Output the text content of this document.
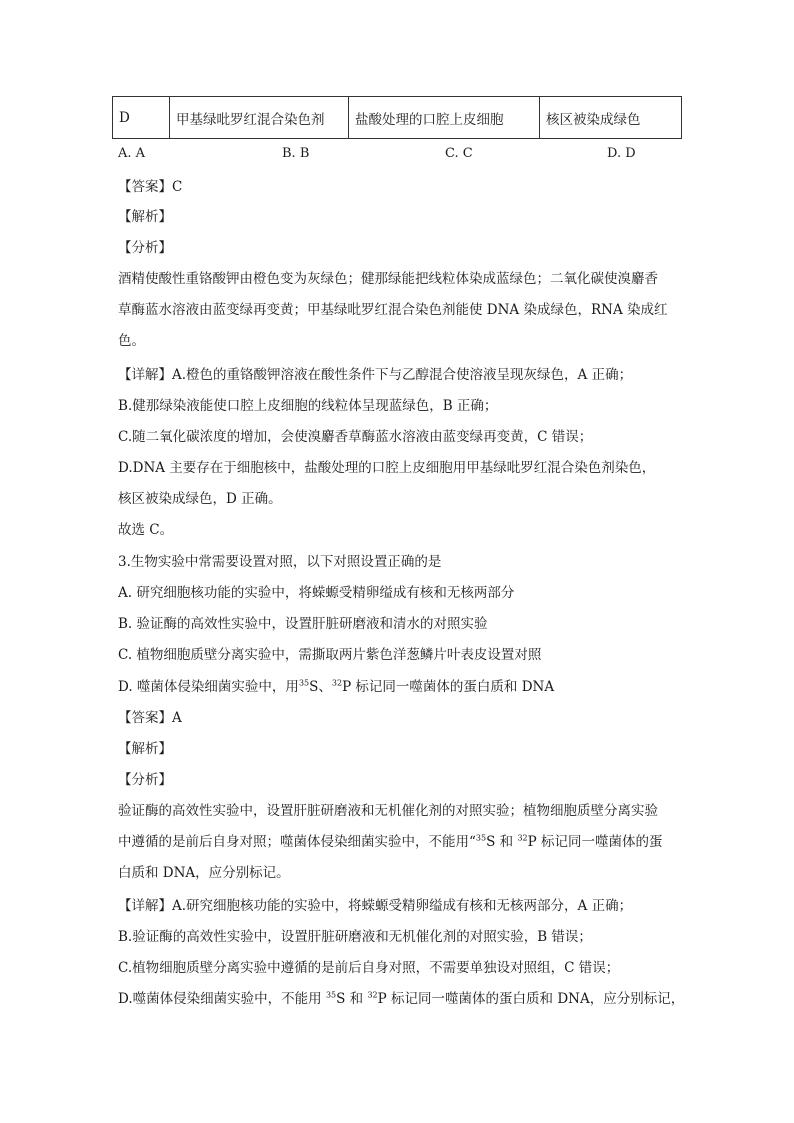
D	甲基绿吡罗红混合染色剂	盐酸处理的口腔上皮细胞	核区被染成绿色
A. A	B. B	C. C	D. D
【答案】C
【解析】
【分析】
酒精使酸性重铬酸钾由橙色变为灰绿色；健那绿能把线粒体染成蓝绿色；二氧化碳使溴麝香
草酶蓝水溶液由蓝变绿再变黄；甲基绿吡罗红混合染色剂能使 DNA 染成绿色，RNA 染成红
色。
【详解】A.橙色的重铬酸钾溶液在酸性条件下与乙醇混合使溶液呈现灰绿色，A 正确；
B.健那绿染液能使口腔上皮细胞的线粒体呈现蓝绿色，B 正确；
C.随二氧化碳浓度的增加，会使溴麝香草酶蓝水溶液由蓝变绿再变黄，C 错误；
D.DNA 主要存在于细胞核中，盐酸处理的口腔上皮细胞用甲基绿吡罗红混合染色剂染色，
核区被染成绿色，D 正确。
故选 C。
3.生物实验中常需要设置对照，以下对照设置正确的是
A. 研究细胞核功能的实验中，将蝾螈受精卵缢成有核和无核两部分
B. 验证酶的高效性实验中，设置肝脏研磨液和清水的对照实验
C. 植物细胞质壁分离实验中，需撕取两片紫色洋葱鳞片叶表皮设置对照
D. 噬菌体侵染细菌实验中，用$^{35}$S、$^{32}$P 标记同一噬菌体的蛋白质和 DNA
【答案】A
【解析】
【分析】
验证酶的高效性实验中，设置肝脏研磨液和无机催化剂的对照实验；植物细胞质壁分离实验
中遵循的是前后自身对照；噬菌体侵染细菌实验中，不能用“$^{35}$S 和 $^{32}$P 标记同一噬菌体的蛋
白质和 DNA，应分别标记。
【详解】A.研究细胞核功能的实验中，将蝾螈受精卵缢成有核和无核两部分，A 正确；
B.验证酶的高效性实验中，设置肝脏研磨液和无机催化剂的对照实验，B 错误；
C.植物细胞质壁分离实验中遵循的是前后自身对照，不需要单独设对照组，C 错误；
D.噬菌体侵染细菌实验中，不能用 $^{35}$S 和 $^{32}$P 标记同一噬菌体的蛋白质和 DNA，应分别标记，
